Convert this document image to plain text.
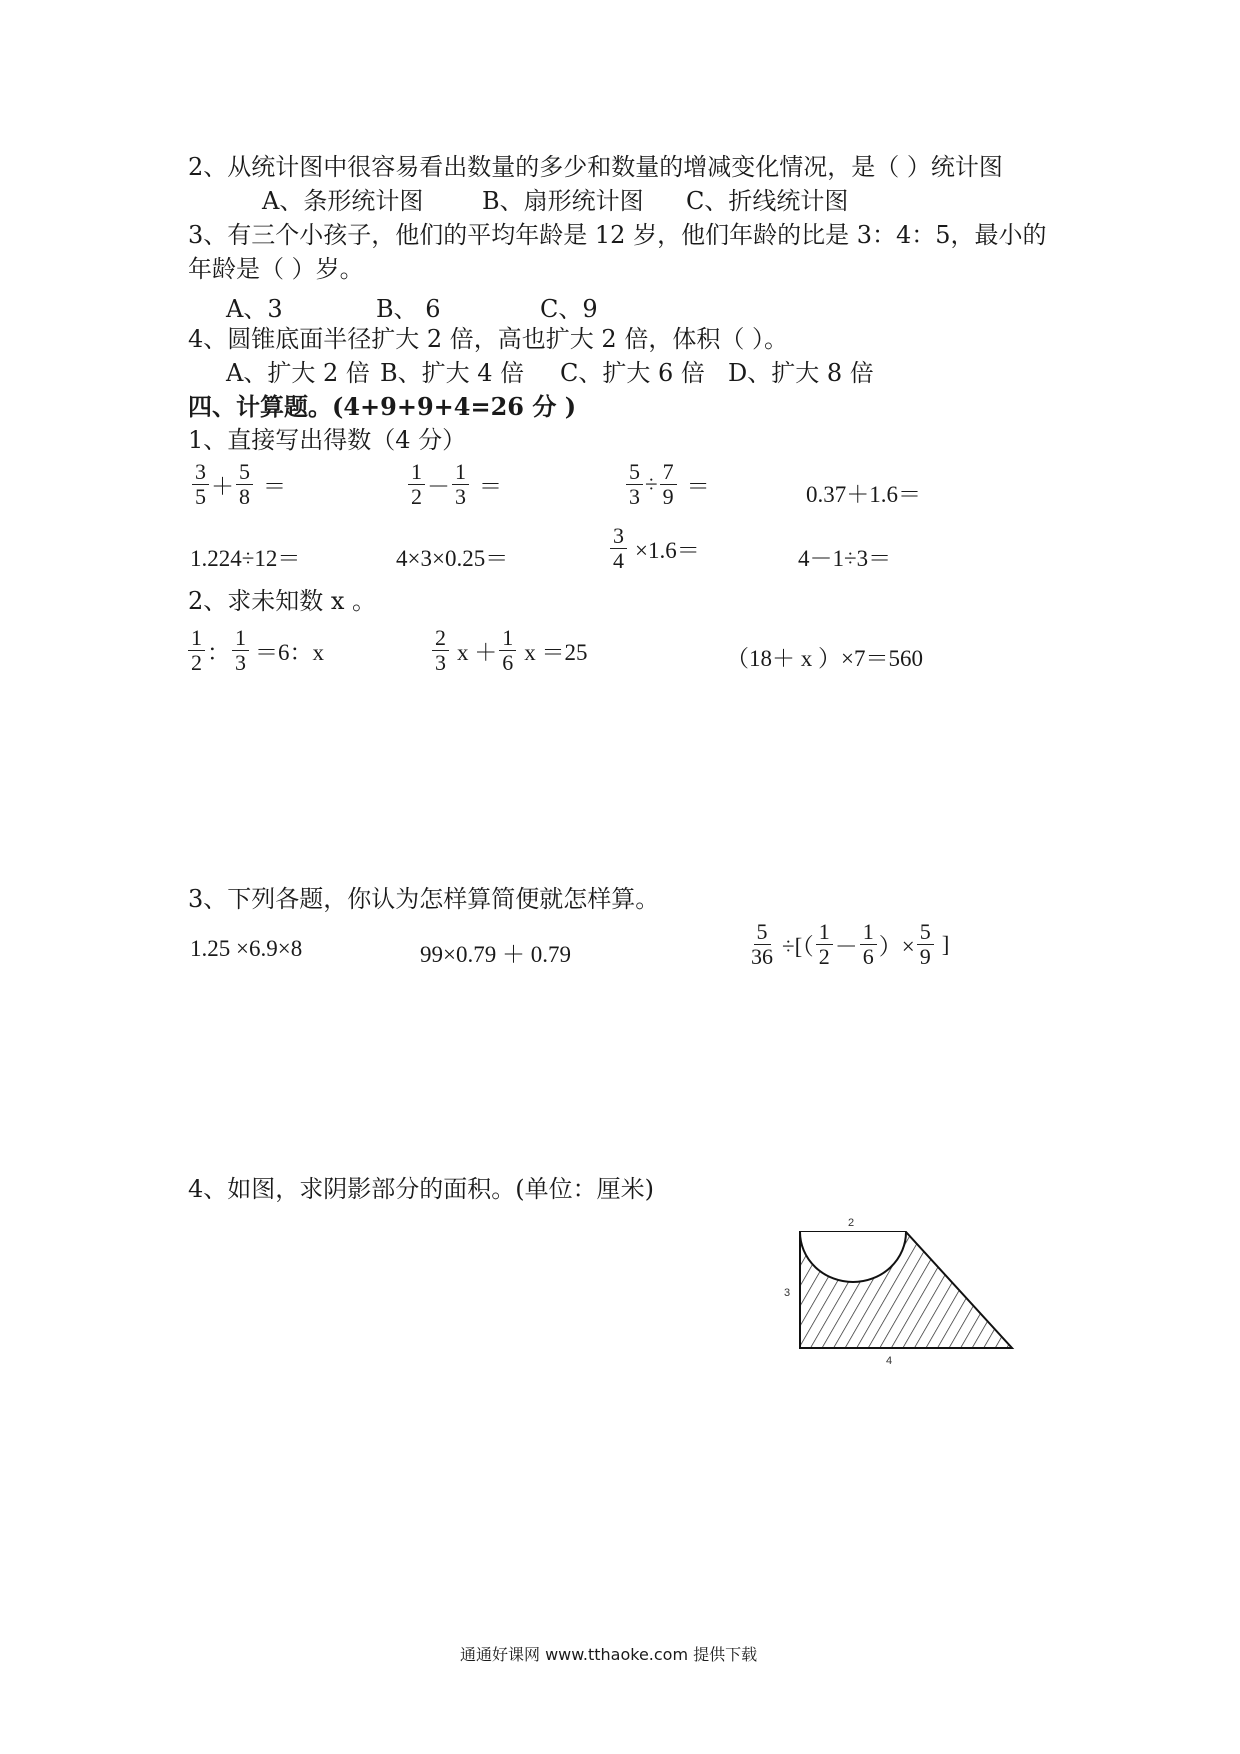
2、从统计图中很容易看出数量的多少和数量的增减变化情况，是（ ）统计图
A、条形统计图 B、扇形统计图 C、折线统计图
3、有三个小孩子，他们的平均年龄是 12 岁，他们年龄的比是 3：4：5，最小的
年龄是（ ）岁。
A、3	B、 6	C、9
4、圆锥底面半径扩大 2 倍，高也扩大 2 倍，体积（ ）。
A、扩大 2 倍 B、扩大 4 倍 C、扩大 6 倍 D、扩大 8 倍
四、计算题。(4+9+9+4=26 分 )
1、直接写出得数（4 分）
$\frac{3}{5} + \frac{5}{8}$ ＝	$\frac{1}{2} - \frac{1}{3}$ ＝	$\frac{5}{3} \div \frac{7}{9}$ ＝	0.37＋1.6＝
1.224÷12＝	4×3×0.25＝	$\frac{3}{4} \times 1.6=$	4－1÷3＝
2、求未知数 x 。
$\frac{1}{2}$ ： $\frac{1}{3} =6$：x	$\frac{2}{3}$ $x + \frac{1}{6}$ x ＝25	（18＋ x ）×7＝560
3、下列各题，你认为怎样算简便就怎样算。
1.25 ×6.9×8	99×0.79 ＋ 0.79	$\frac{5}{36}$ ÷[（ $\frac{1}{2} - \frac{1}{6}$ ）× $\frac{5}{9}$ ]
4、如图，求阴影部分的面积。(单位：厘米)
2
3
4
通通好课网 www.tthaoke.com 提供下载
